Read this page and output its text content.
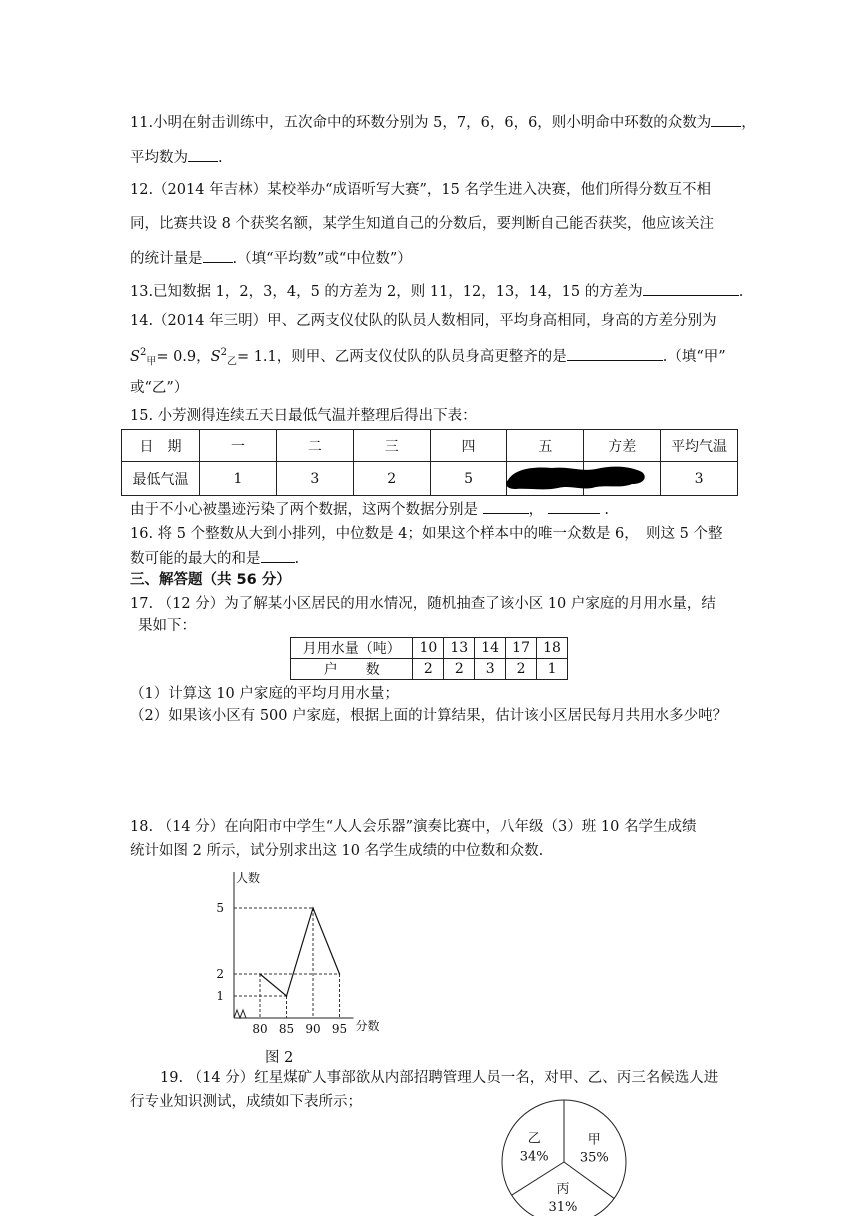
11.小明在射击训练中，五次命中的环数分别为 5，7，6，6，6，则小明命中环数的众数为 ，
平均数为 .
12.（2014 年吉林）某校举办“成语听写大赛”，15 名学生进入决赛，他们所得分数互不相
同，比赛共设 8 个获奖名额，某学生知道自己的分数后，要判断自己能否获奖，他应该关注
的统计量是 .（填“平均数”或“中位数”）
13.已知数据 1，2，3，4，5 的方差为 2，则 11，12，13，14，15 的方差为	.
14.（2014 年三明）甲、乙两支仪仗队的队员人数相同，平均身高相同，身高的方差分别为
$S^2_甲= 0.9$，$S^2_乙= 1.1$，则甲、乙两支仪仗队的队员身高更整齐的是	.（填“甲”
或“乙”）
15. 小芳测得连续五天日最低气温并整理后得出下表：
日　期	一	二	三	四	五	方差	平均气温
最低气温	1	3	2	5			3
由于不小心被墨迹污染了两个数据，这两个数据分别是	，	.
16. 将 5 个整数从大到小排列，中位数是 4；如果这个样本中的唯一众数是 6，　则这 5 个整
数可能的最大的和是 .
三、解答题（共 56 分）
17. （12 分）为了解某小区居民的用水情况，随机抽查了该小区 10 户家庭的月用水量，结
果如下：
月用水量（吨）	10	13	14	17	18
户　　数	2	2	3	2	1
（1）计算这 10 户家庭的平均月用水量；
（2）如果该小区有 500 户家庭，根据上面的计算结果，估计该小区居民每月共用水多少吨？
18. （14 分）在向阳市中学生“人人会乐器”演奏比赛中，八年级（3）班 10 名学生成绩
统计如图 2 所示，试分别求出这 10 名学生成绩的中位数和众数.
80 85 90 95
1
2
5
人数
分数
图 2
19. （14 分）红星煤矿人事部欲从内部招聘管理人员一名，对甲、乙、丙三名候选人进
行专业知识测试，成绩如下表所示；
甲
35%
丙
31%
乙
34%
